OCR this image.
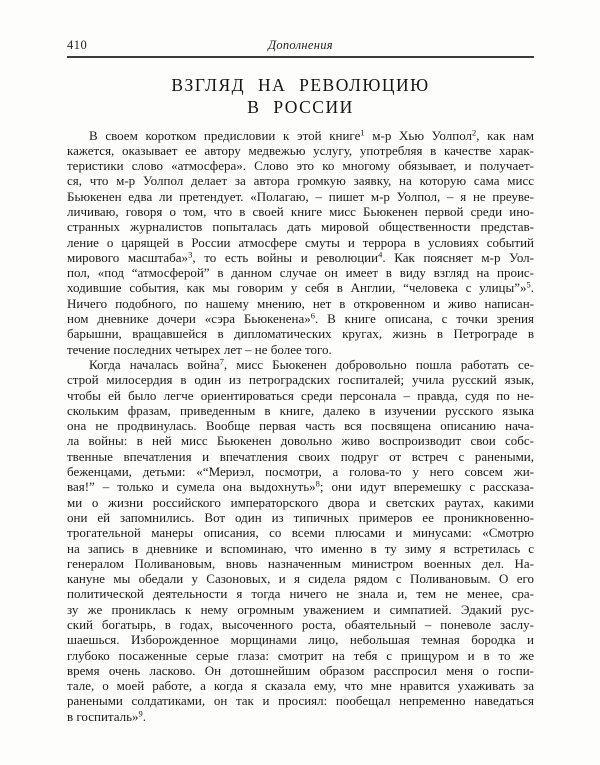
410	Дополнения
ВЗГЛЯД НА РЕВОЛЮЦИЮ
В РОССИИ
В своем коротком предисловии к этой книге$^1$ м-р Хью Уолпол$^2$, как нам
кажется, оказывает ее автору медвежью услугу, употребляя в качестве харак-
теристики слово «атмосфера». Слово это ко многому обязывает, и получает-
ся, что м-р Уолпол делает за автора громкую заявку, на которую сама мисс
Бьюкенен едва ли претендует. «Полагаю, – пишет м-р Уолпол, – я не преуве-
личиваю, говоря о том, что в своей книге мисс Бьюкенен первой среди ино-
странных журналистов попыталась дать мировой общественности представ-
ление о царящей в России атмосфере смуты и террора в условиях событий
мирового масштаба»$^3$, то есть войны и революции$^4$. Как поясняет м-р Уол-
пол, «под “атмосферой” в данном случае он имеет в виду взгляд на проис-
ходившие события, как мы говорим у себя в Англии, “человека с улицы”»$^5$.
Ничего подобного, по нашему мнению, нет в откровенном и живо написан-
ном дневнике дочери «сэра Бьюкенена»$^6$. В книге описана, с точки зрения
барышни, вращавшейся в дипломатических кругах, жизнь в Петрограде в
течение последних четырех лет – не более того.
Когда началась война$^7$, мисс Бьюкенен добровольно пошла работать се-
строй милосердия в один из петроградских госпиталей; учила русский язык,
чтобы ей было легче ориентироваться среди персонала – правда, судя по не-
скольким фразам, приведенным в книге, далеко в изучении русского языка
она не продвинулась. Вообще первая часть вся посвящена описанию нача-
ла войны: в ней мисс Бьюкенен довольно живо воспроизводит свои собс-
твенные впечатления и впечатления своих подруг от встреч с ранеными,
беженцами, детьми: «“Мериэл, посмотри, а голова-то у него совсем жи-
вая!” – только и сумела она выдохнуть»$^8$; они идут вперемешку с рассказа-
ми о жизни российского императорского двора и светских раутах, какими
они ей запомнились. Вот один из типичных примеров ее проникновенно-
трогательной манеры описания, со всеми плюсами и минусами: «Смотрю
на запись в дневнике и вспоминаю, что именно в ту зиму я встретилась с
генералом Поливановым, вновь назначенным министром военных дел. На-
кануне мы обедали у Сазоновых, и я сидела рядом с Поливановым. О его
политической деятельности я тогда ничего не знала и, тем не менее, сра-
зу же прониклась к нему огромным уважением и симпатией. Эдакий рус-
ский богатырь, в годах, высоченного роста, обаятельный – поневоле заслу-
шаешься. Изборожденное морщинами лицо, небольшая темная бородка и
глубоко посаженные серые глаза: смотрит на тебя с прищуром и в то же
время очень ласково. Он дотошнейшим образом расспросил меня о госпи-
тале, о моей работе, а когда я сказала ему, что мне нравится ухаживать за
ранеными солдатиками, он так и просиял: пообещал непременно наведаться
в госпиталь»$^9$.
